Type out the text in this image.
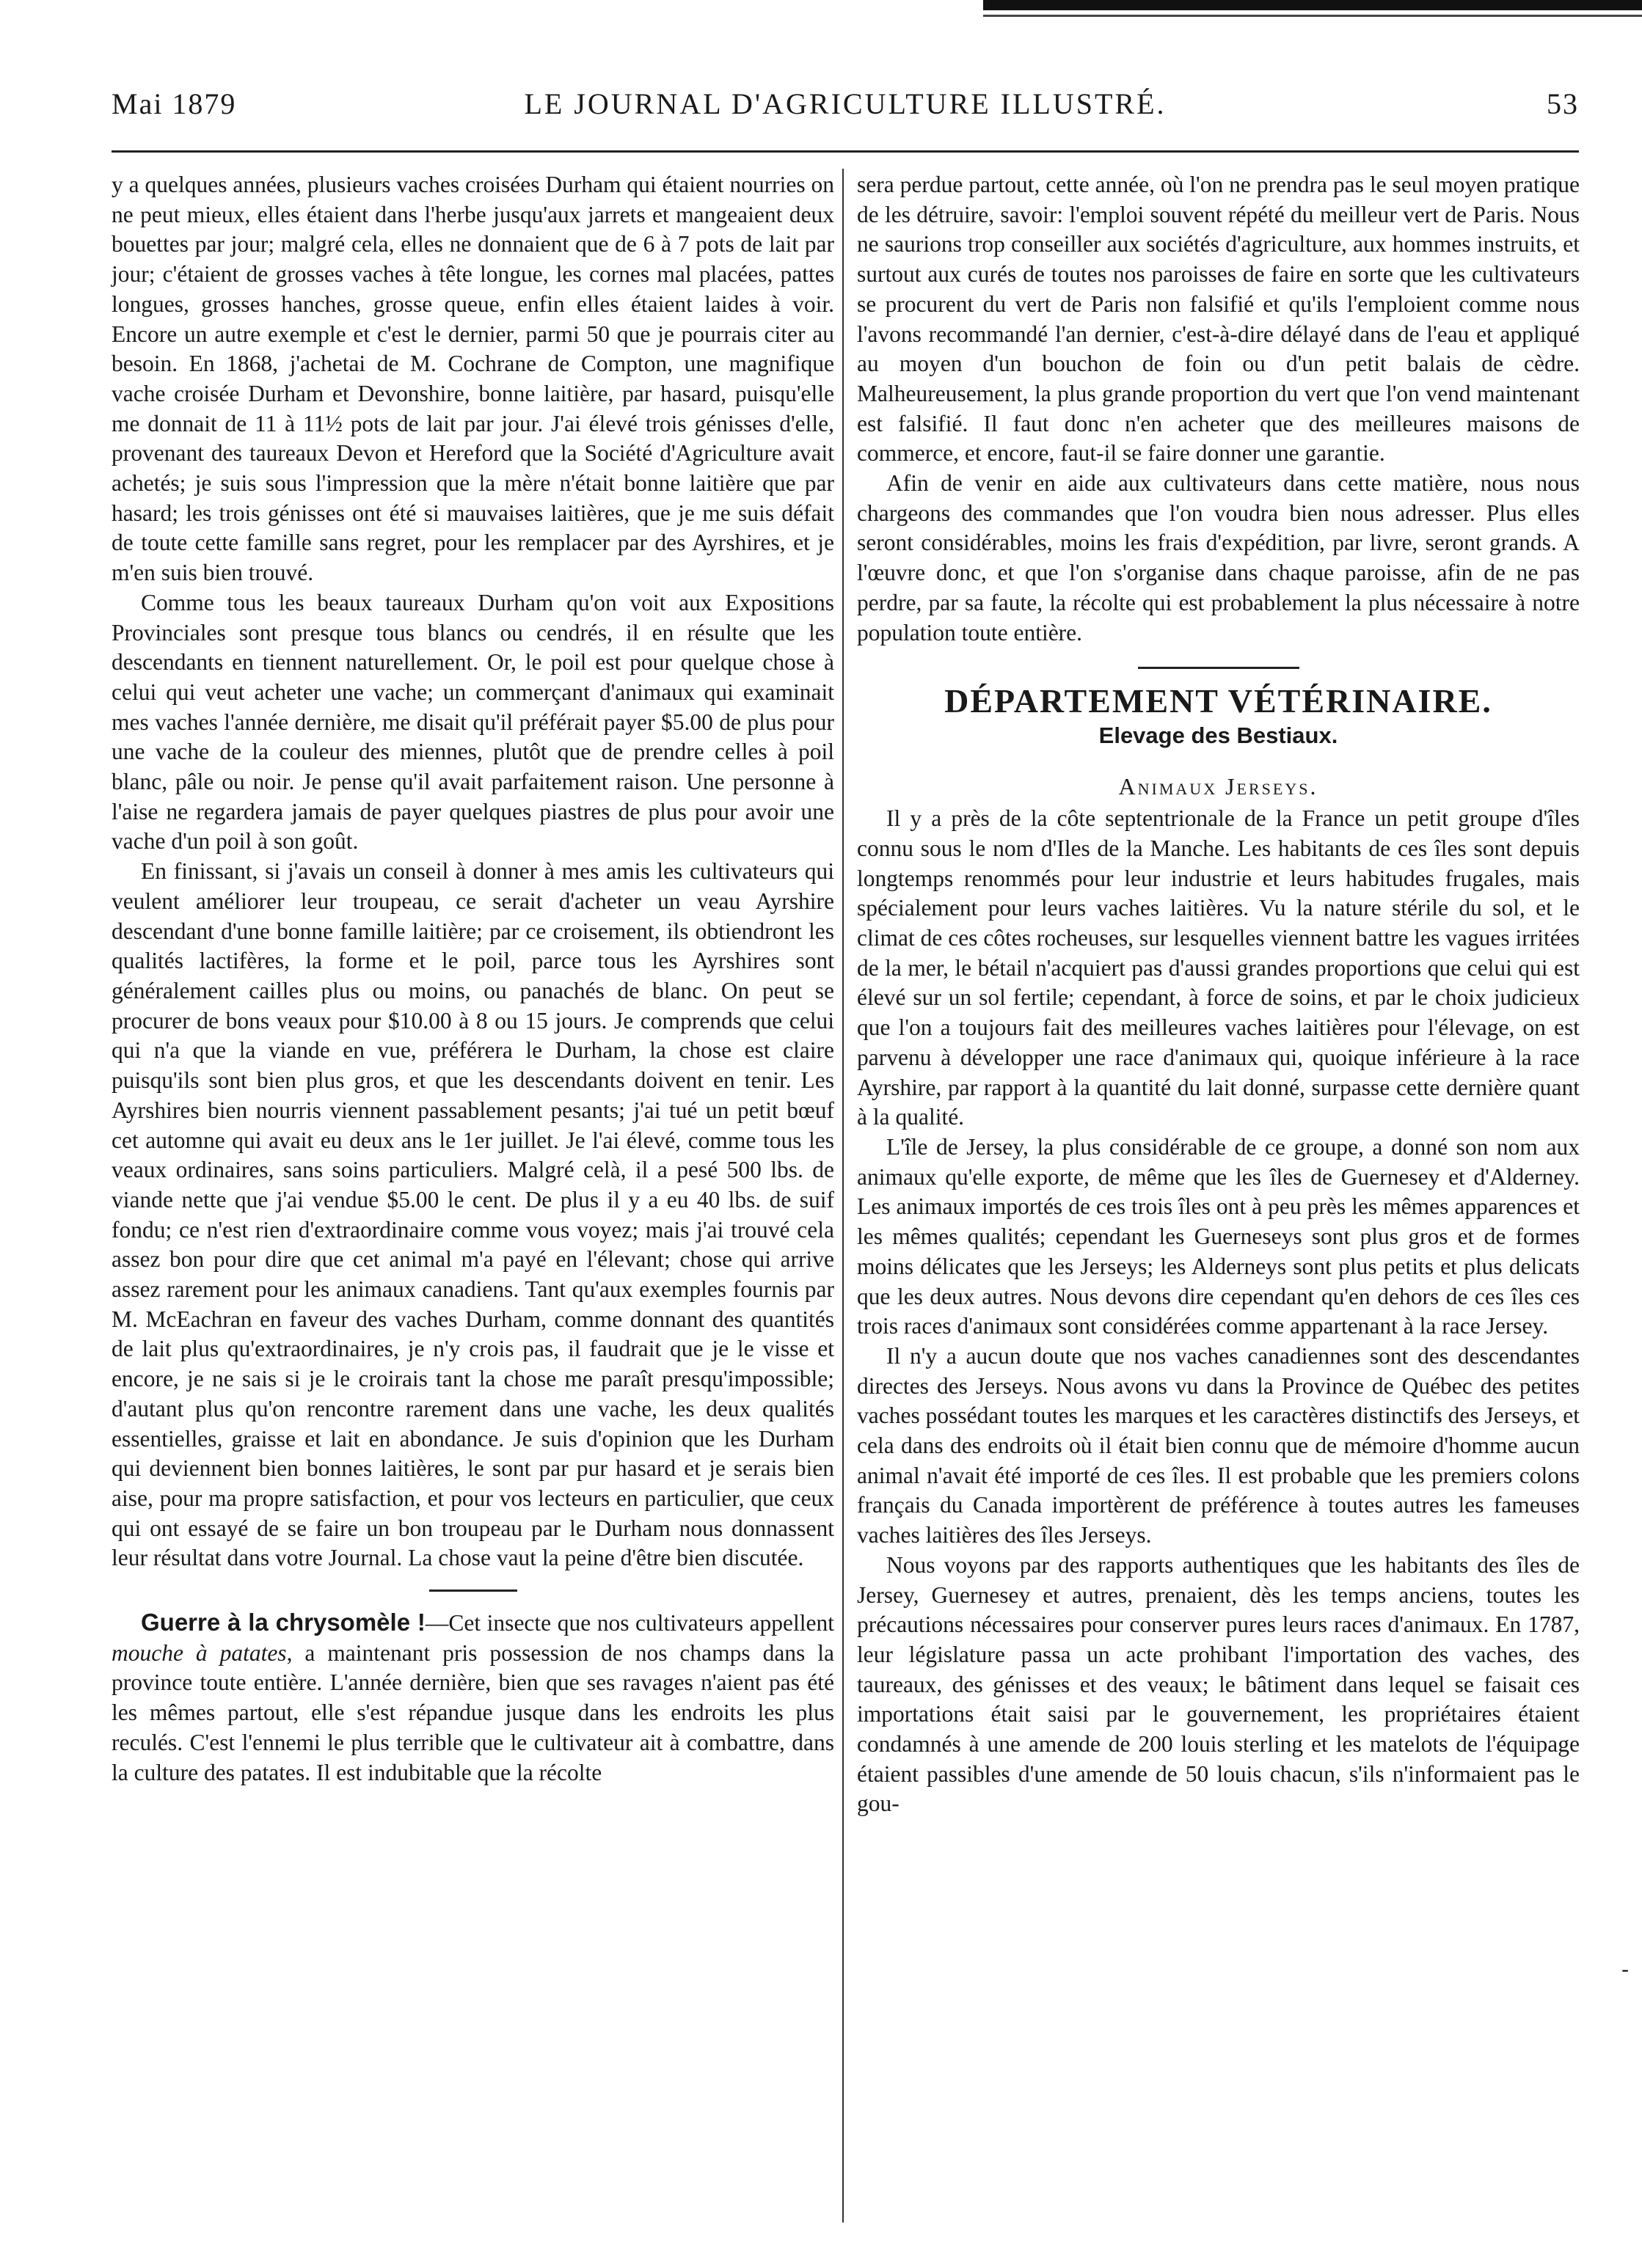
LE JOURNAL D'AGRICULTURE ILLUSTRÉ.
Mai 1879	53

y a quelques années, plusieurs vaches croisées Durham qui étaient nourries on ne peut mieux, elles étaient dans l'herbe jusqu'aux jarrets et mangeaient deux bouettes par jour; malgré cela, elles ne donnaient que de 6 à 7 pots de lait par jour; c'étaient de grosses vaches à tête longue, les cornes mal placées, pattes longues, grosses hanches, grosse queue, enfin elles étaient laides à voir. Encore un autre exemple et c'est le dernier, parmi 50 que je pourrais citer au besoin. En 1868, j'achetai de M. Cochrane de Compton, une magnifique vache croisée Durham et Devonshire, bonne laitière, par hasard, puisqu'elle me donnait de 11 à 11½ pots de lait par jour. J'ai élevé trois génisses d'elle, provenant des taureaux Devon et Hereford que la Société d'Agriculture avait achetés; je suis sous l'impression que la mère n'était bonne laitière que par hasard; les trois génisses ont été si mauvaises laitières, que je me suis défait de toute cette famille sans regret, pour les remplacer par des Ayrshires, et je m'en suis bien trouvé.

Comme tous les beaux taureaux Durham qu'on voit aux Expositions Provinciales sont presque tous blancs ou cendrés, il en résulte que les descendants en tiennent naturellement. Or, le poil est pour quelque chose à celui qui veut acheter une vache; un commerçant d'animaux qui examinait mes vaches l'année dernière, me disait qu'il préférait payer $5.00 de plus pour une vache de la couleur des miennes, plutôt que de prendre celles à poil blanc, pâle ou noir. Je pense qu'il avait parfaitement raison. Une personne à l'aise ne regardera jamais de payer quelques piastres de plus pour avoir une vache d'un poil à son goût.

En finissant, si j'avais un conseil à donner à mes amis les cultivateurs qui veulent améliorer leur troupeau, ce serait d'acheter un veau Ayrshire descendant d'une bonne famille laitière; par ce croisement, ils obtiendront les qualités lactifères, la forme et le poil, parce tous les Ayrshires sont généralement cailles plus ou moins, ou panachés de blanc. On peut se procurer de bons veaux pour $10.00 à 8 ou 15 jours. Je comprends que celui qui n'a que la viande en vue, préférera le Durham, la chose est claire puisqu'ils sont bien plus gros, et que les descendants doivent en tenir. Les Ayrshires bien nourris viennent passablement pesants; j'ai tué un petit bœuf cet automne qui avait eu deux ans le 1er juillet. Je l'ai élevé, comme tous les veaux ordinaires, sans soins particuliers. Malgré celà, il a pesé 500 lbs. de viande nette que j'ai vendue $5.00 le cent. De plus il y a eu 40 lbs. de suif fondu; ce n'est rien d'extraordinaire comme vous voyez; mais j'ai trouvé cela assez bon pour dire que cet animal m'a payé en l'élevant; chose qui arrive assez rarement pour les animaux canadiens. Tant qu'aux exemples fournis par M. McEachran en faveur des vaches Durham, comme donnant des quantités de lait plus qu'extraordinaires, je n'y crois pas, il faudrait que je le visse et encore, je ne sais si je le croirais tant la chose me paraît presqu'impossible; d'autant plus qu'on rencontre rarement dans une vache, les deux qualités essentielles, graisse et lait en abondance. Je suis d'opinion que les Durham qui deviennent bien bonnes laitières, le sont par pur hasard et je serais bien aise, pour ma propre satisfaction, et pour vos lecteurs en particulier, que ceux qui ont essayé de se faire un bon troupeau par le Durham nous donnassent leur résultat dans votre Journal. La chose vaut la peine d'être bien discutée.

Guerre à la chrysomèle !—Cet insecte que nos cultivateurs appellent mouche à patates, a maintenant pris possession de nos champs dans la province toute entière. L'année dernière, bien que ses ravages n'aient pas été les mêmes partout, elle s'est répandue jusque dans les endroits les plus reculés. C'est l'ennemi le plus terrible que le cultivateur ait à combattre, dans la culture des patates. Il est indubitable que la récolte

sera perdue partout, cette année, où l'on ne prendra pas le seul moyen pratique de les détruire, savoir: l'emploi souvent répété du meilleur vert de Paris. Nous ne saurions trop conseiller aux sociétés d'agriculture, aux hommes instruits, et surtout aux curés de toutes nos paroisses de faire en sorte que les cultivateurs se procurent du vert de Paris non falsifié et qu'ils l'emploient comme nous l'avons recommandé l'an dernier, c'est-à-dire délayé dans de l'eau et appliqué au moyen d'un bouchon de foin ou d'un petit balais de cèdre. Malheureusement, la plus grande proportion du vert que l'on vend maintenant est falsifié. Il faut donc n'en acheter que des meilleures maisons de commerce, et encore, faut-il se faire donner une garantie.

Afin de venir en aide aux cultivateurs dans cette matière, nous nous chargeons des commandes que l'on voudra bien nous adresser. Plus elles seront considérables, moins les frais d'expédition, par livre, seront grands. A l'œuvre donc, et que l'on s'organise dans chaque paroisse, afin de ne pas perdre, par sa faute, la récolte qui est probablement la plus nécessaire à notre population toute entière.

DÉPARTEMENT VÉTÉRINAIRE.
Elevage des Bestiaux.
Animaux Jerseys.

Il y a près de la côte septentrionale de la France un petit groupe d'îles connu sous le nom d'Iles de la Manche. Les habitants de ces îles sont depuis longtemps renommés pour leur industrie et leurs habitudes frugales, mais spécialement pour leurs vaches laitières. Vu la nature stérile du sol, et le climat de ces côtes rocheuses, sur lesquelles viennent battre les vagues irritées de la mer, le bétail n'acquiert pas d'aussi grandes proportions que celui qui est élevé sur un sol fertile; cependant, à force de soins, et par le choix judicieux que l'on a toujours fait des meilleures vaches laitières pour l'élevage, on est parvenu à développer une race d'animaux qui, quoique inférieure à la race Ayrshire, par rapport à la quantité du lait donné, surpasse cette dernière quant à la qualité.

L'île de Jersey, la plus considérable de ce groupe, a donné son nom aux animaux qu'elle exporte, de même que les îles de Guernesey et d'Alderney. Les animaux importés de ces trois îles ont à peu près les mêmes apparences et les mêmes qualités; cependant les Guerneseys sont plus gros et de formes moins délicates que les Jerseys; les Alderneys sont plus petits et plus delicats que les deux autres. Nous devons dire cependant qu'en dehors de ces îles ces trois races d'animaux sont considérées comme appartenant à la race Jersey.

Il n'y a aucun doute que nos vaches canadiennes sont des descendantes directes des Jerseys. Nous avons vu dans la Province de Québec des petites vaches possédant toutes les marques et les caractères distinctifs des Jerseys, et cela dans des endroits où il était bien connu que de mémoire d'homme aucun animal n'avait été importé de ces îles. Il est probable que les premiers colons français du Canada importèrent de préférence à toutes autres les fameuses vaches laitières des îles Jerseys.

Nous voyons par des rapports authentiques que les habitants des îles de Jersey, Guernesey et autres, prenaient, dès les temps anciens, toutes les précautions nécessaires pour conserver pures leurs races d'animaux. En 1787, leur législature passa un acte prohibant l'importation des vaches, des taureaux, des génisses et des veaux; le bâtiment dans lequel se faisait ces importations était saisi par le gouvernement, les propriétaires étaient condamnés à une amende de 200 louis sterling et les matelots de l'équipage étaient passibles d'une amende de 50 louis chacun, s'ils n'informaient pas le gou-

-
